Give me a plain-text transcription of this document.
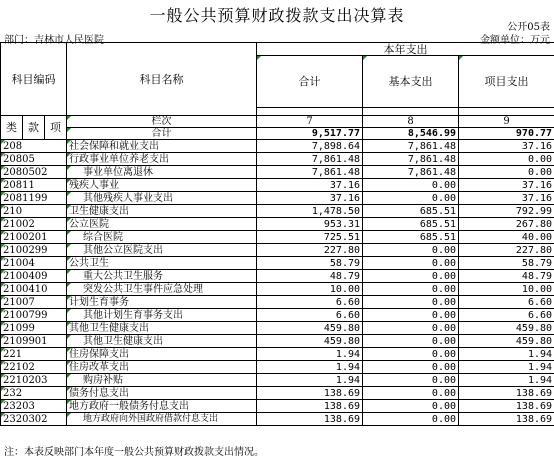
一般公共预算财政拨款支出决算表
公开05表
部门：吉林市人民医院	金额单位：万元
科目编码			科目名称	本年支出		
				合计	基本支出	项目支出

类	款	项	栏次	7	8	9
			合计	9,517.77	8,546.99	970.77
208			社会保障和就业支出	7,898.64	7,861.48	37.16
20805			行政事业单位养老支出	7,861.48	7,861.48	0.00
2080502			事业单位离退休	7,861.48	7,861.48	0.00
20811			残疾人事业	37.16	0.00	37.16
2081199			其他残疾人事业支出	37.16	0.00	37.16
210			卫生健康支出	1,478.50	685.51	792.99
21002			公立医院	953.31	685.51	267.80
2100201			综合医院	725.51	685.51	40.00
2100299			其他公立医院支出	227.80	0.00	227.80
21004			公共卫生	58.79	0.00	58.79
2100409			重大公共卫生服务	48.79	0.00	48.79
2100410			突发公共卫生事件应急处理	10.00	0.00	10.00
21007			计划生育事务	6.60	0.00	6.60
2100799			其他计划生育事务支出	6.60	0.00	6.60
21099			其他卫生健康支出	459.80	0.00	459.80
2109901			其他卫生健康支出	459.80	0.00	459.80
221			住房保障支出	1.94	0.00	1.94
22102			住房改革支出	1.94	0.00	1.94
2210203			购房补贴	1.94	0.00	1.94
232			债务付息支出	138.69	0.00	138.69
23203			地方政府一般债务付息支出	138.69	0.00	138.69
2320302			地方政府向外国政府借款付息支出	138.69	0.00	138.69
注：本表反映部门本年度一般公共预算财政拨款支出情况。
